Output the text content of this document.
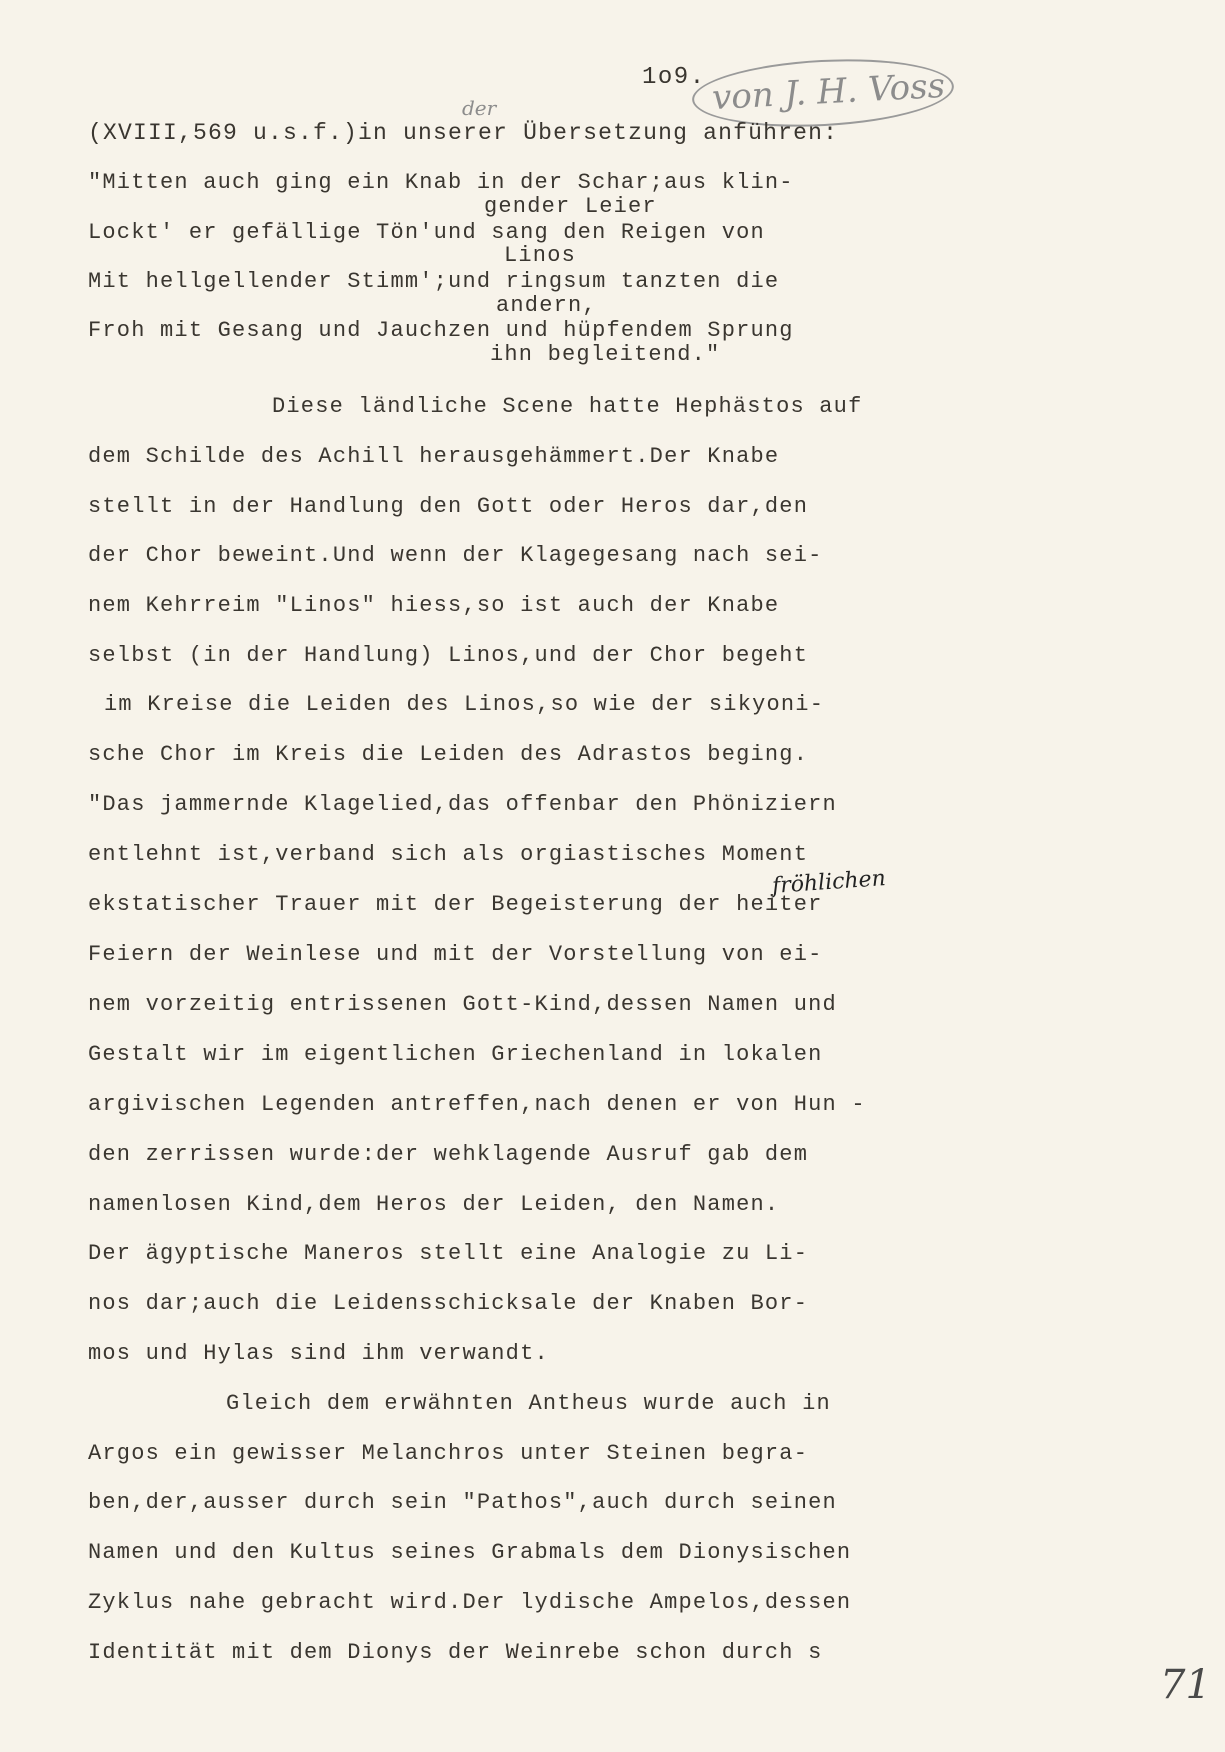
1o9. von J. H. Voss
der
(XVIII,569 u.s.f.)in unserer Übersetzung anführen:
"Mitten auch ging ein Knab in der Schar;aus klin-
gender Leier
Lockt' er gefällige Tön'und sang den Reigen von
Linos
Mit hellgellender Stimm';und ringsum tanzten die
andern,
Froh mit Gesang und Jauchzen und hüpfendem Sprung
ihn begleitend."
Diese ländliche Scene hatte Hephästos auf
dem Schilde des Achill herausgehämmert.Der Knabe
stellt in der Handlung den Gott oder Heros dar,den
der Chor beweint.Und wenn der Klagegesang nach sei-
nem Kehrreim "Linos" hiess,so ist auch der Knabe
selbst (in der Handlung) Linos,und der Chor begeht
im Kreise die Leiden des Linos,so wie der sikyoni-
sche Chor im Kreis die Leiden des Adrastos beging.
"Das jammernde Klagelied,das offenbar den Phöniziern
entlehnt ist,verband sich als orgiastisches Moment
ekstatischer Trauer mit der Begeisterung der heiter
fröhlichen
Feiern der Weinlese und mit der Vorstellung von ei-
nem vorzeitig entrissenen Gott-Kind,dessen Namen und
Gestalt wir im eigentlichen Griechenland in lokalen
argivischen Legenden antreffen,nach denen er von Hun -
den zerrissen wurde:der wehklagende Ausruf gab dem
namenlosen Kind,dem Heros der Leiden, den Namen.
Der ägyptische Maneros stellt eine Analogie zu Li-
nos dar;auch die Leidensschicksale der Knaben Bor-
mos und Hylas sind ihm verwandt.
Gleich dem erwähnten Antheus wurde auch in
Argos ein gewisser Melanchros unter Steinen begra-
ben,der,ausser durch sein "Pathos",auch durch seinen
Namen und den Kultus seines Grabmals dem Dionysischen
Zyklus nahe gebracht wird.Der lydische Ampelos,dessen
Identität mit dem Dionys der Weinrebe schon durch s
71
